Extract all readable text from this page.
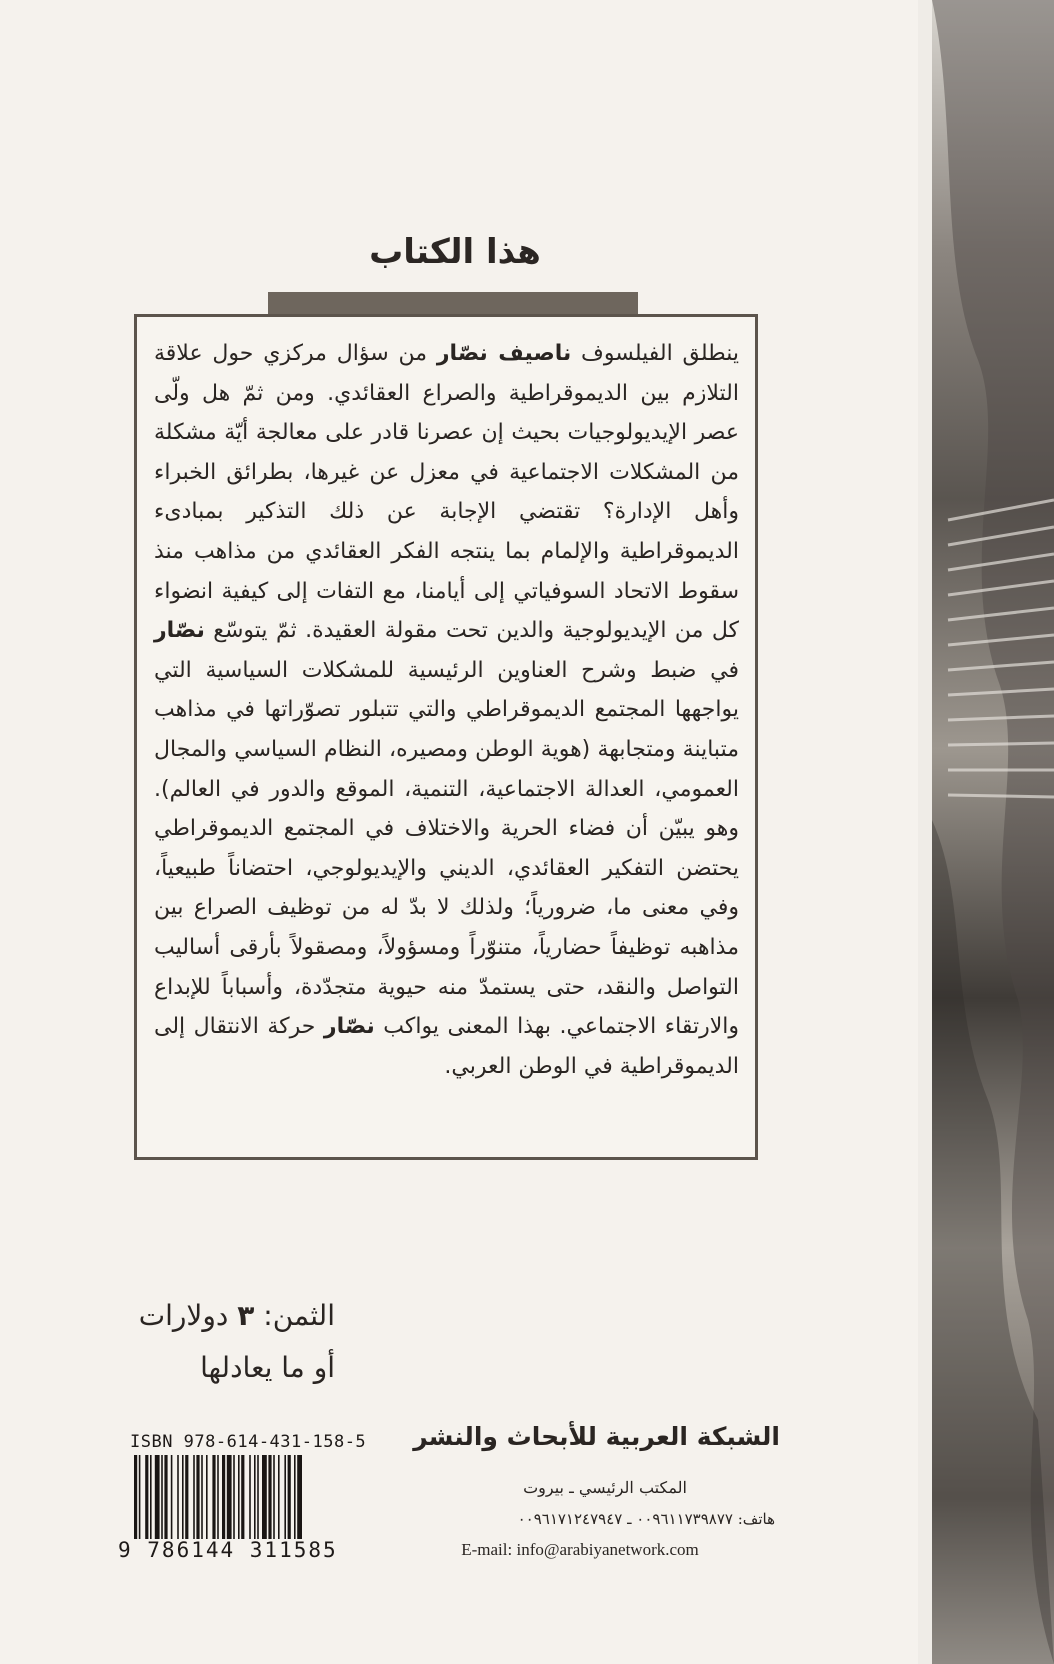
هذا الكتاب

ينطلق الفيلسوف ناصيف نصّار من سؤال مركزي حول علاقة التلازم بين الديموقراطية والصراع العقائدي. ومن ثمّ هل ولّى عصر الإيديولوجيات بحيث إن عصرنا قادر على معالجة أيّة مشكلة من المشكلات الاجتماعية في معزل عن غيرها، بطرائق الخبراء وأهل الإدارة؟ تقتضي الإجابة عن ذلك التذكير بمبادىء الديموقراطية والإلمام بما ينتجه الفكر العقائدي من مذاهب منذ سقوط الاتحاد السوفياتي إلى أيامنا، مع التفات إلى كيفية انضواء كل من الإيديولوجية والدين تحت مقولة العقيدة. ثمّ يتوسّع نصّار في ضبط وشرح العناوين الرئيسية للمشكلات السياسية التي يواجهها المجتمع الديموقراطي والتي تتبلور تصوّراتها في مذاهب متباينة ومتجابهة (هوية الوطن ومصيره، النظام السياسي والمجال العمومي، العدالة الاجتماعية، التنمية، الموقع والدور في العالم). وهو يبيّن أن فضاء الحرية والاختلاف في المجتمع الديموقراطي يحتضن التفكير العقائدي، الديني والإيديولوجي، احتضاناً طبيعياً، وفي معنى ما، ضرورياً؛ ولذلك لا بدّ له من توظيف الصراع بين مذاهبه توظيفاً حضارياً، متنوّراً ومسؤولاً، ومصقولاً بأرقى أساليب التواصل والنقد، حتى يستمدّ منه حيوية متجدّدة، وأسباباً للإبداع والارتقاء الاجتماعي. بهذا المعنى يواكب نصّار حركة الانتقال إلى الديموقراطية في الوطن العربي.

الثمن: ٣ دولارات
أو ما يعادلها
ISBN 978-614-431-158-5
9 786144 311585
الشبكة العربية للأبحاث والنشر
المكتب الرئيسي ـ بيروت
هاتف: ٠٠٩٦١١٧٣٩٨٧٧ ـ ٠٠٩٦١٧١٢٤٧٩٤٧
E-mail: info@arabiyanetwork.com
